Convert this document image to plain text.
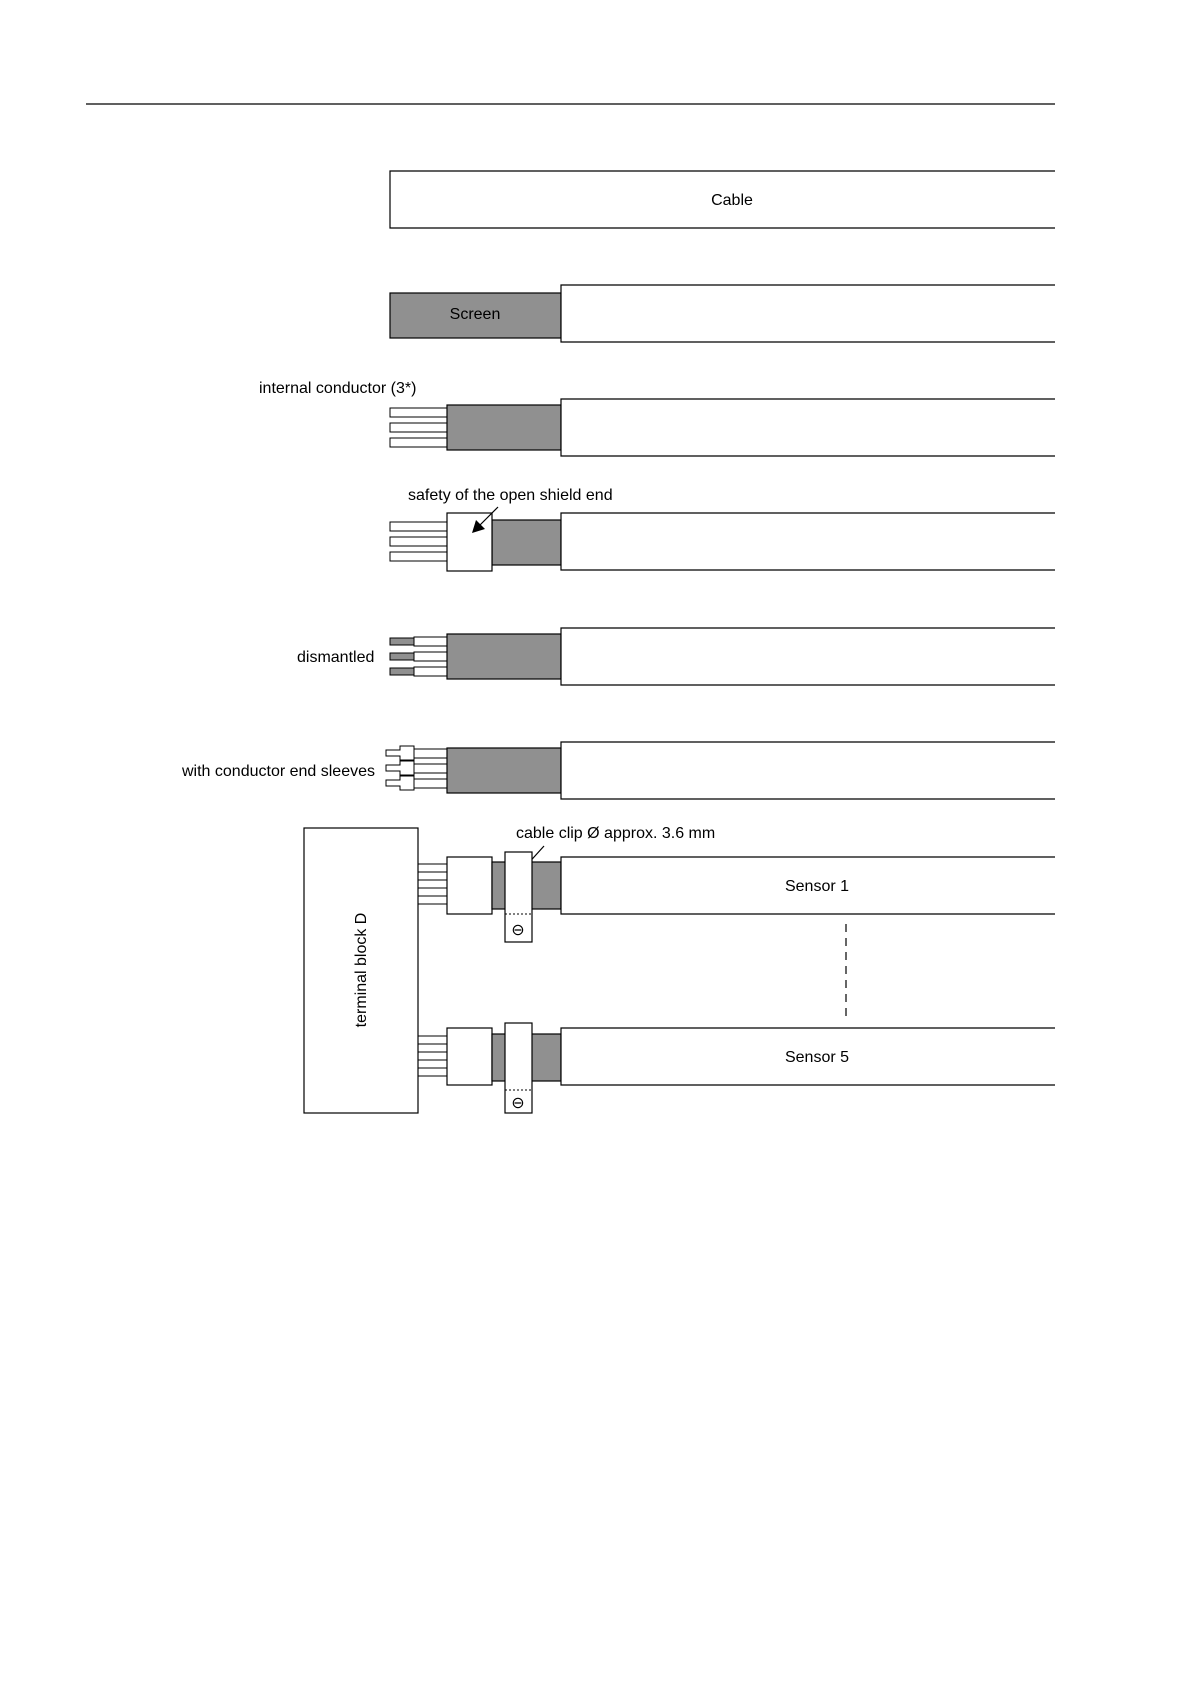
Cable
Screen
internal conductor (3*)
safety of the open shield end
dismantled
with conductor end sleeves
terminal block D
cable clip Ø approx. 3.6 mm
⊖
Sensor 1
⊖
Sensor 5
